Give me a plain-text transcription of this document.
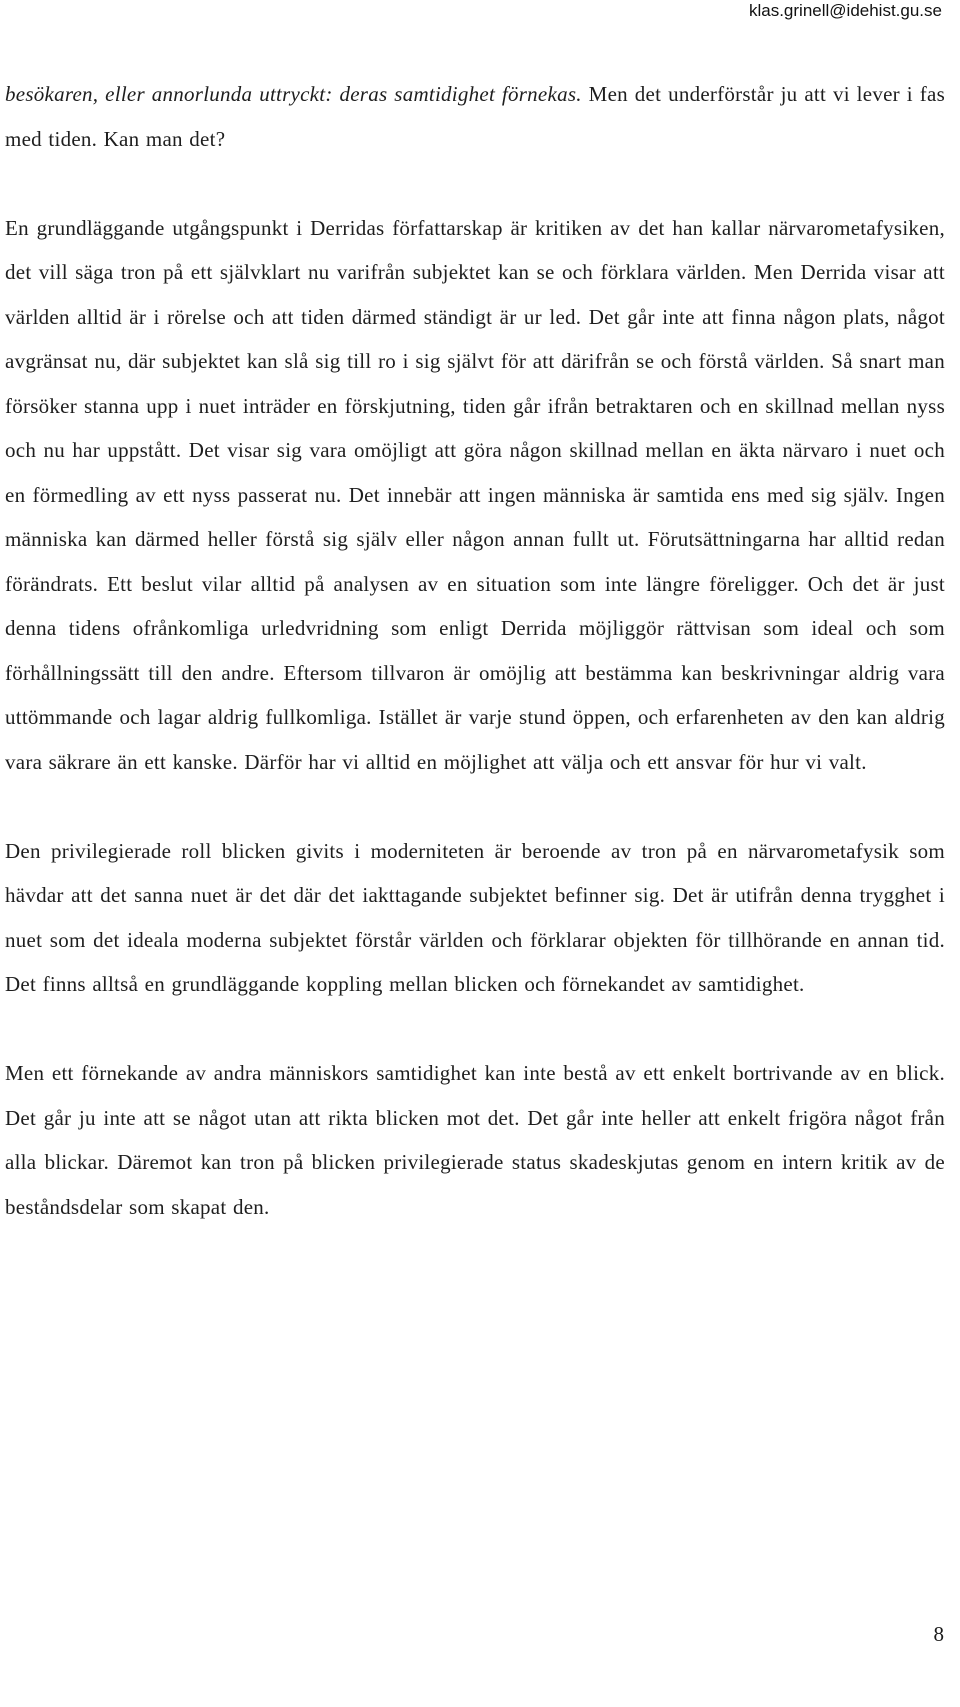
klas.grinell@idehist.gu.se

besökaren, eller annorlunda uttryckt: deras samtidighet förnekas. Men det underförstår ju att vi lever i fas med tiden. Kan man det?

En grundläggande utgångspunkt i Derridas författarskap är kritiken av det han kallar närvarometafysiken, det vill säga tron på ett självklart nu varifrån subjektet kan se och förklara världen. Men Derrida visar att världen alltid är i rörelse och att tiden därmed ständigt är ur led. Det går inte att finna någon plats, något avgränsat nu, där subjektet kan slå sig till ro i sig självt för att därifrån se och förstå världen. Så snart man försöker stanna upp i nuet inträder en förskjutning, tiden går ifrån betraktaren och en skillnad mellan nyss och nu har uppstått. Det visar sig vara omöjligt att göra någon skillnad mellan en äkta närvaro i nuet och en förmedling av ett nyss passerat nu. Det innebär att ingen människa är samtida ens med sig själv. Ingen människa kan därmed heller förstå sig själv eller någon annan fullt ut. Förutsättningarna har alltid redan förändrats. Ett beslut vilar alltid på analysen av en situation som inte längre föreligger. Och det är just denna tidens ofrånkomliga urledvridning som enligt Derrida möjliggör rättvisan som ideal och som förhållningssätt till den andre. Eftersom tillvaron är omöjlig att bestämma kan beskrivningar aldrig vara uttömmande och lagar aldrig fullkomliga. Istället är varje stund öppen, och erfarenheten av den kan aldrig vara säkrare än ett kanske. Därför har vi alltid en möjlighet att välja och ett ansvar för hur vi valt.

Den privilegierade roll blicken givits i moderniteten är beroende av tron på en närvarometafysik som hävdar att det sanna nuet är det där det iakttagande subjektet befinner sig. Det är utifrån denna trygghet i nuet som det ideala moderna subjektet förstår världen och förklarar objekten för tillhörande en annan tid. Det finns alltså en grundläggande koppling mellan blicken och förnekandet av samtidighet.

Men ett förnekande av andra människors samtidighet kan inte bestå av ett enkelt bortrivande av en blick. Det går ju inte att se något utan att rikta blicken mot det. Det går inte heller att enkelt frigöra något från alla blickar. Däremot kan tron på blicken privilegierade status skadeskjutas genom en intern kritik av de beståndsdelar som skapat den.

8
